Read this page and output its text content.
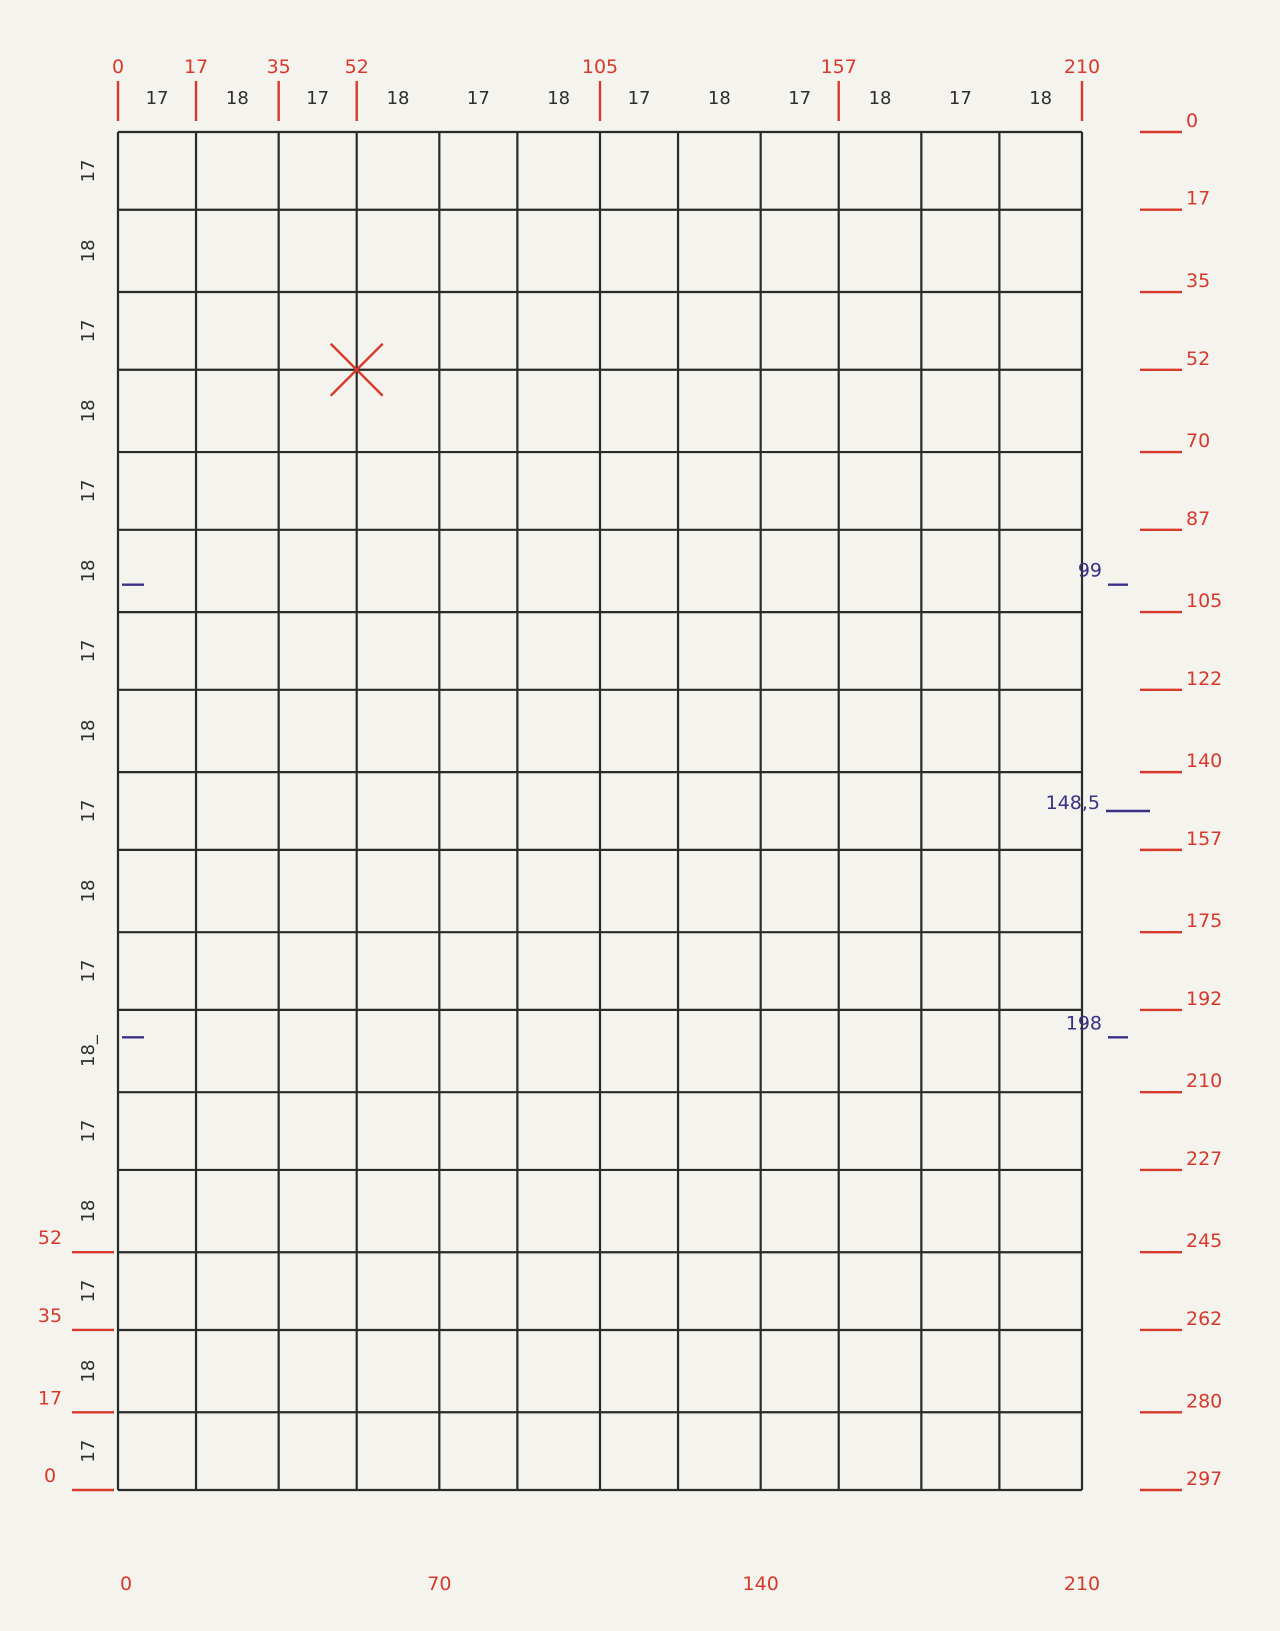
17	18	17	18	17	18	17	18	17	18	17	18
0	17	35	52	105	157	210
17
18
17
18
17
18
17
18
17
18
17
18_
17
18
17
18
17
52
35
17
0
0
17
35
52
70
87
105
122
140
157
175
192
210
227
245
262
280
297
0	70	140	210
99
148,5
198
